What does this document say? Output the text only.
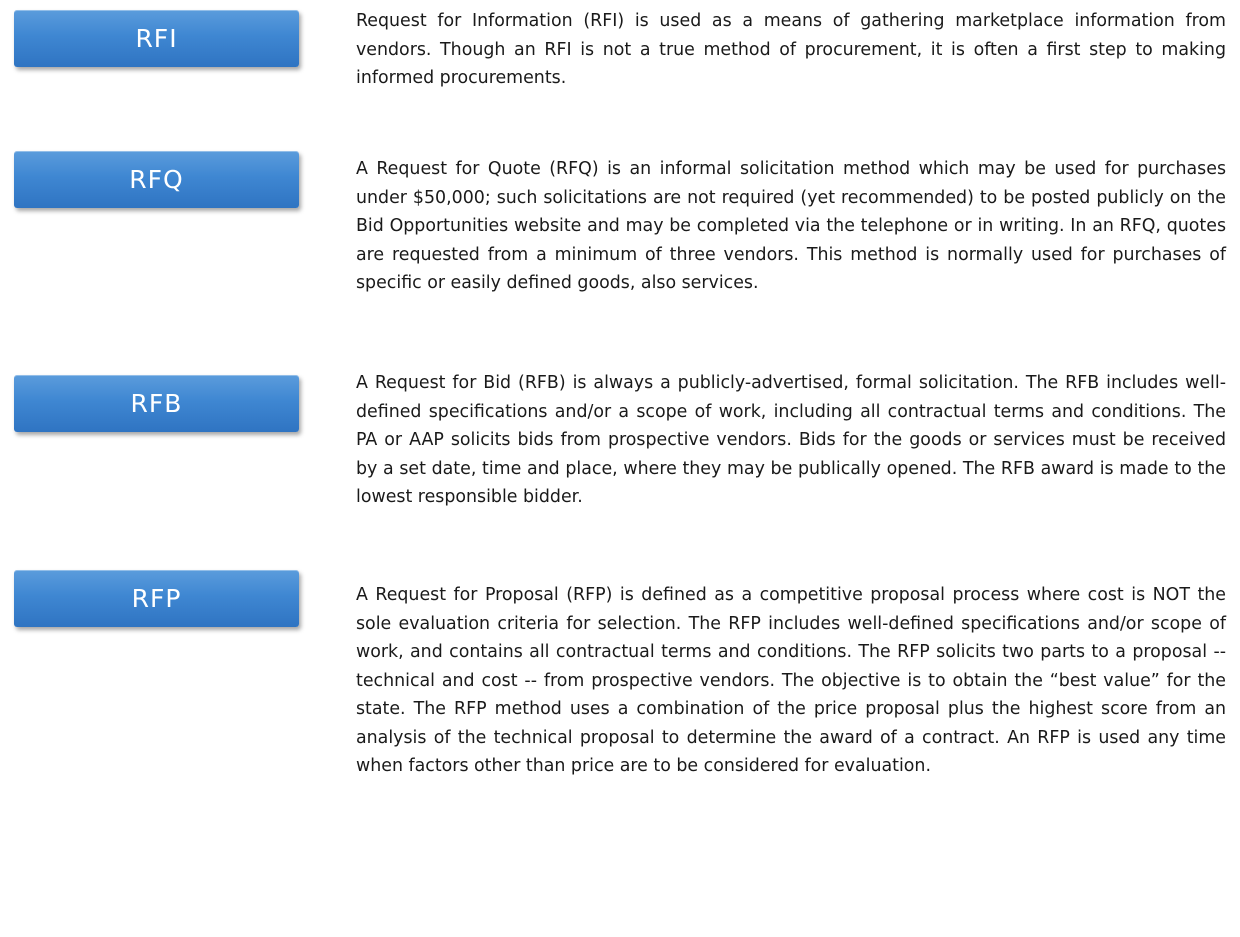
RFI

Request for Information (RFI) is used as a means of gathering marketplace information from vendors. Though an RFI is not a true method of procurement, it is often a first step to making informed procurements.

RFQ	A Request for Quote (RFQ) is an informal solicitation method which may be used for purchases under $50,000; such solicitations are not required (yet recommended) to be posted publicly on the Bid Opportunities website and may be completed via the telephone or in writing. In an RFQ, quotes are requested from a minimum of three vendors. This method is normally used for purchases of specific or easily defined goods, also services.

RFB

A Request for Bid (RFB) is always a publicly-advertised, formal solicitation. The RFB includes well-defined specifications and/or a scope of work, including all contractual terms and conditions. The PA or AAP solicits bids from prospective vendors. Bids for the goods or services must be received by a set date, time and place, where they may be publically opened. The RFB award is made to the lowest responsible bidder.

RFP	A Request for Proposal (RFP) is defined as a competitive proposal process where cost is NOT the sole evaluation criteria for selection. The RFP includes well-defined specifications and/or scope of work, and contains all contractual terms and conditions. The RFP solicits two parts to a proposal -- technical and cost -- from prospective vendors. The objective is to obtain the “best value” for the state. The RFP method uses a combination of the price proposal plus the highest score from an analysis of the technical proposal to determine the award of a contract. An RFP is used any time when factors other than price are to be considered for evaluation.
